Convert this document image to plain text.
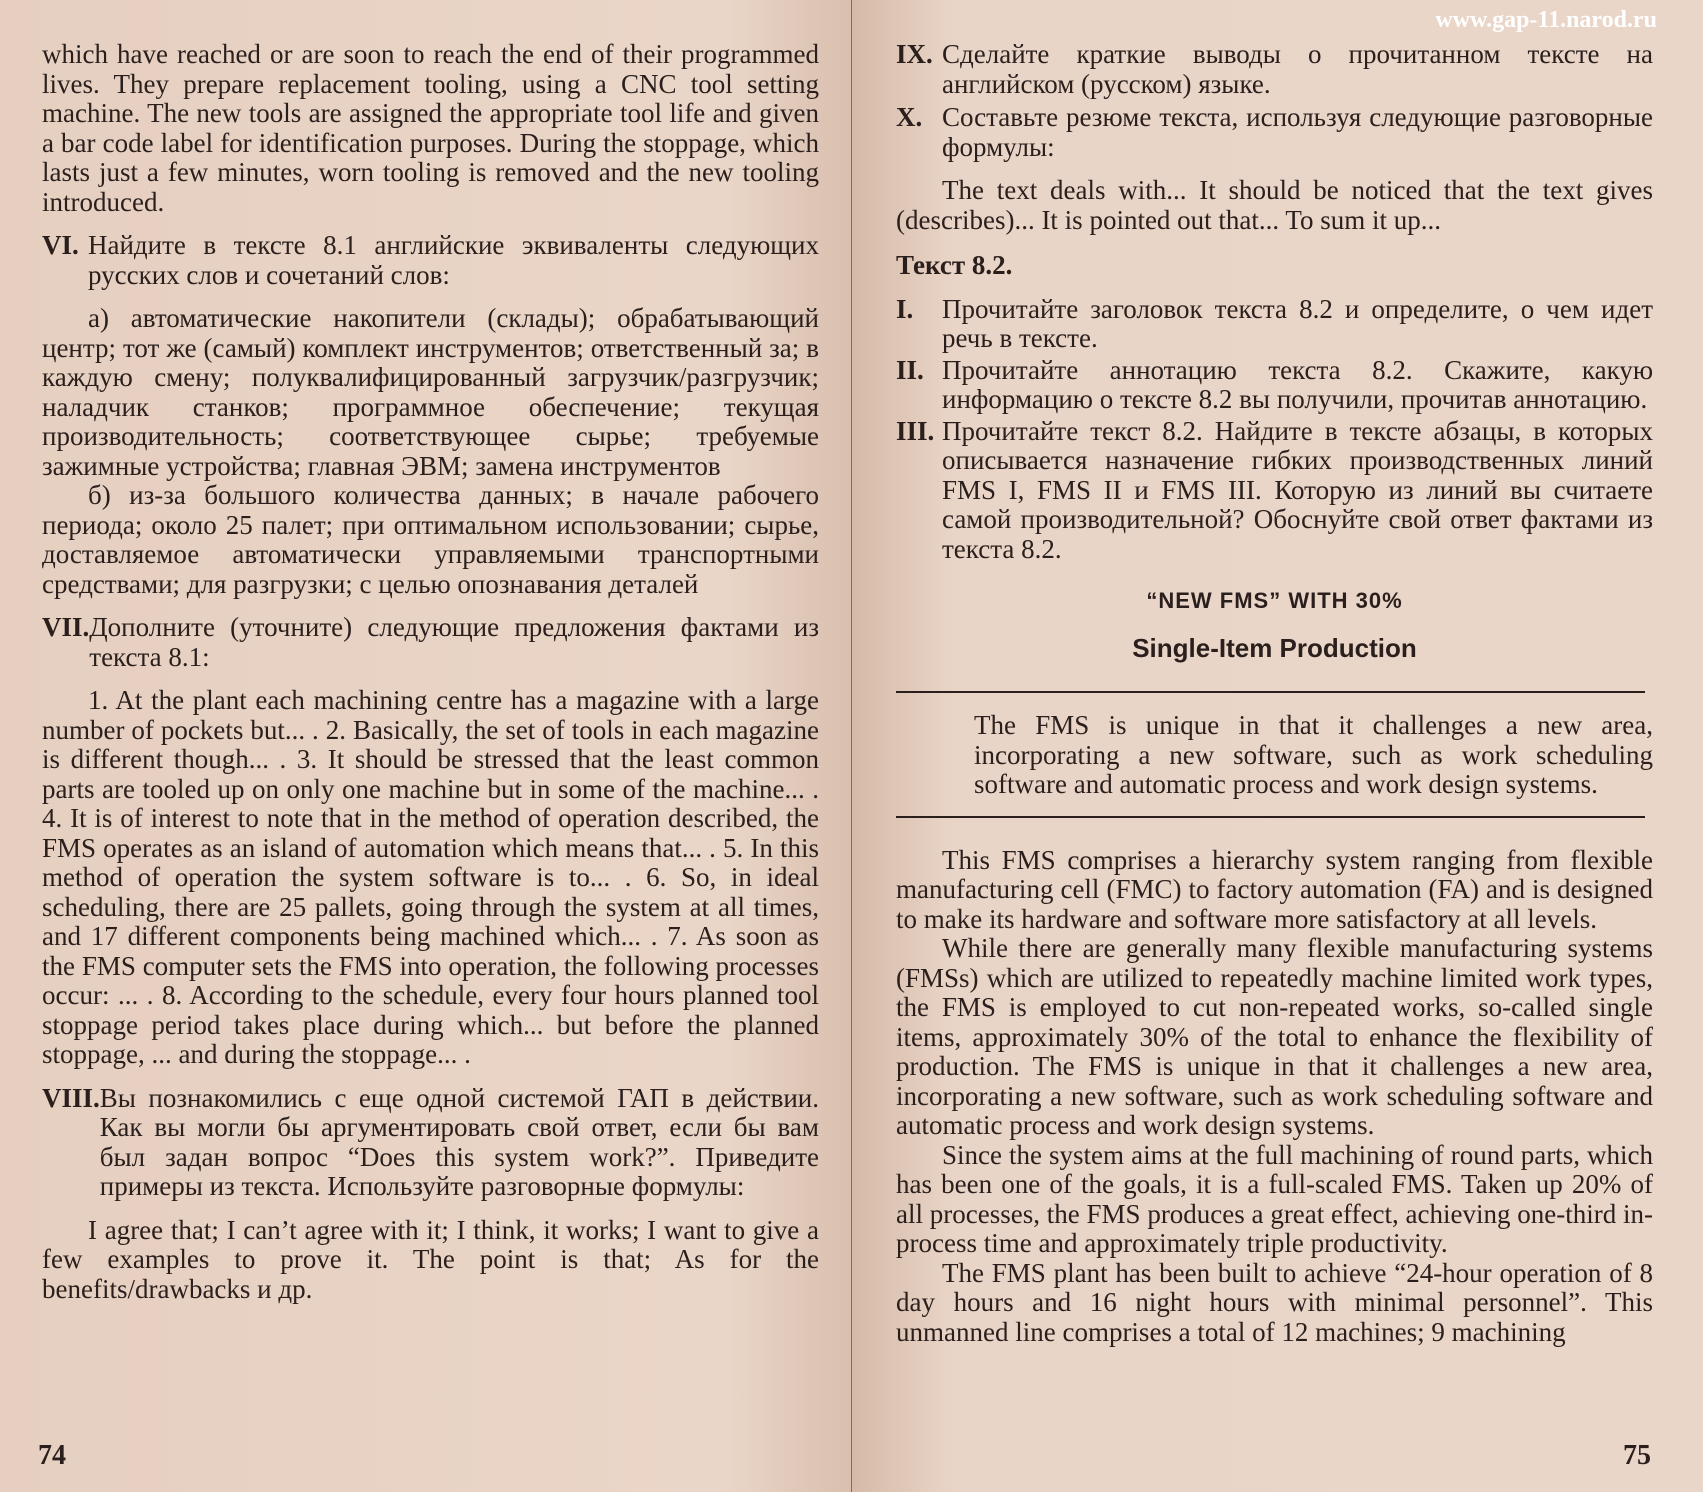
which have reached or are soon to reach the end of their programmed lives. They prepare replacement tooling, using a CNC tool setting machine. The new tools are assigned the appropriate tool life and given a bar code label for identification purposes. During the stoppage, which lasts just a few minutes, worn tooling is removed and the new tooling introduced.

VI. Найдите в тексте 8.1 английские эквиваленты следующих русских слов и сочетаний слов:

а) автоматические накопители (склады); обрабатывающий центр; тот же (самый) комплект инструментов; ответственный за; в каждую смену; полуквалифицированный загрузчик/разгрузчик; наладчик станков; программное обеспечение; текущая производительность; соответствующее сырье; требуемые зажимные устройства; главная ЭВМ; замена инструментов

б) из-за большого количества данных; в начале рабочего периода; около 25 палет; при оптимальном использовании; сырье, доставляемое автоматически управляемыми транспортными средствами; для разгрузки; с целью опознавания деталей

VII. Дополните (уточните) следующие предложения фактами из текста 8.1:

1. At the plant each machining centre has a magazine with a large number of pockets but... . 2. Basically, the set of tools in each magazine is different though... . 3. It should be stressed that the least common parts are tooled up on only one machine but in some of the machine... . 4. It is of interest to note that in the method of operation described, the FMS operates as an island of automation which means that... . 5. In this method of operation the system software is to... . 6. So, in ideal scheduling, there are 25 pallets, going through the system at all times, and 17 different components being machined which... . 7. As soon as the FMS computer sets the FMS into operation, the following processes occur: ... . 8. According to the schedule, every four hours planned tool stoppage period takes place during which... but before the planned stoppage, ... and during the stoppage... .

VIII. Вы познакомились с еще одной системой ГАП в действии. Как вы могли бы аргументировать свой ответ, если бы вам был задан вопрос “Does this system work?”. Приведите примеры из текста. Используйте разговорные формулы:

I agree that; I can’t agree with it; I think, it works; I want to give a few examples to prove it. The point is that; As for the benefits/drawbacks и др.

74
www.gap-11.narod.ru
IX. Сделайте краткие выводы о прочитанном тексте на английском (русском) языке.
X. Составьте резюме текста, используя следующие разговорные формулы:

The text deals with... It should be noticed that the text gives (describes)... It is pointed out that... To sum it up...

Текст 8.2.
I.	Прочитайте заголовок текста 8.2 и определите, о чем идет речь в тексте.
II. Прочитайте аннотацию текста 8.2. Скажите, какую информацию о тексте 8.2 вы получили, прочитав аннотацию.
III. Прочитайте текст 8.2. Найдите в тексте абзацы, в которых описывается назначение гибких производственных линий FMS I, FMS II и FMS III. Которую из линий вы считаете самой производительной? Обоснуйте свой ответ фактами из текста 8.2.
“NEW FMS” WITH 30%
Single-Item Production

The FMS is unique in that it challenges a new area, incorporating a new software, such as work scheduling software and automatic process and work design systems.

This FMS comprises a hierarchy system ranging from flexible manufacturing cell (FMC) to factory automation (FA) and is designed to make its hardware and software more satisfactory at all levels.

While there are generally many flexible manufacturing systems (FMSs) which are utilized to repeatedly machine limited work types, the FMS is employed to cut non-repeated works, so-called single items, approximately 30% of the total to enhance the flexibility of production. The FMS is unique in that it challenges a new area, incorporating a new software, such as work scheduling software and automatic process and work design systems.

Since the system aims at the full machining of round parts, which has been one of the goals, it is a full-scaled FMS. Taken up 20% of all processes, the FMS produces a great effect, achieving one-third in-process time and approximately triple productivity.

The FMS plant has been built to achieve “24-hour operation of 8 day hours and 16 night hours with minimal personnel”. This unmanned line comprises a total of 12 machines; 9 machining

75
